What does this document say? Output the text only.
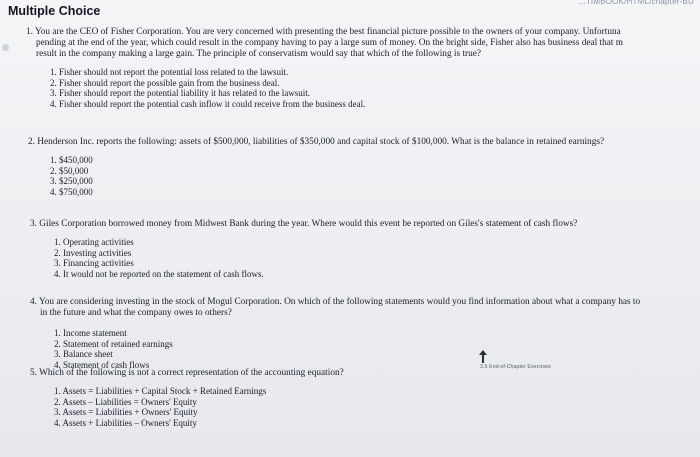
...TIMBOOK/HTML/chapter-BU
Multiple Choice
1. You are the CEO of Fisher Corporation. You are very concerned with presenting the best financial picture possible to the owners of your company. Unfortuna
pending at the end of the year, which could result in the company having to pay a large sum of money. On the bright side, Fisher also has business deal that m
result in the company making a large gain. The principle of conservatism would say that which of the following is true?
1. Fisher should not report the potential loss related to the lawsuit.
2. Fisher should report the possible gain from the business deal.
3. Fisher should report the potential liability it has related to the lawsuit.
4. Fisher should report the potential cash inflow it could receive from the business deal.
2. Henderson Inc. reports the following: assets of $500,000, liabilities of $350,000 and capital stock of $100,000. What is the balance in retained earnings?
1. $450,000
2. $50,000
3. $250,000
4. $750,000
3. Giles Corporation borrowed money from Midwest Bank during the year. Where would this event be reported on Giles's statement of cash flows?
1. Operating activities
2. Investing activities
3. Financing activities
4. It would not be reported on the statement of cash flows.
4. You are considering investing in the stock of Mogul Corporation. On which of the following statements would you find information about what a company has to
in the future and what the company owes to others?
1. Income statement
2. Statement of retained earnings
3. Balance sheet
4. Statement of cash flows
5. Which of the following is not a correct representation of the accounting equation?
1. Assets = Liabilities + Capital Stock + Retained Earnings
2. Assets – Liabilities = Owners' Equity
3. Assets = Liabilities + Owners' Equity
4. Assets + Liabilities – Owners' Equity
3.5 End-of-Chapter Exercises
